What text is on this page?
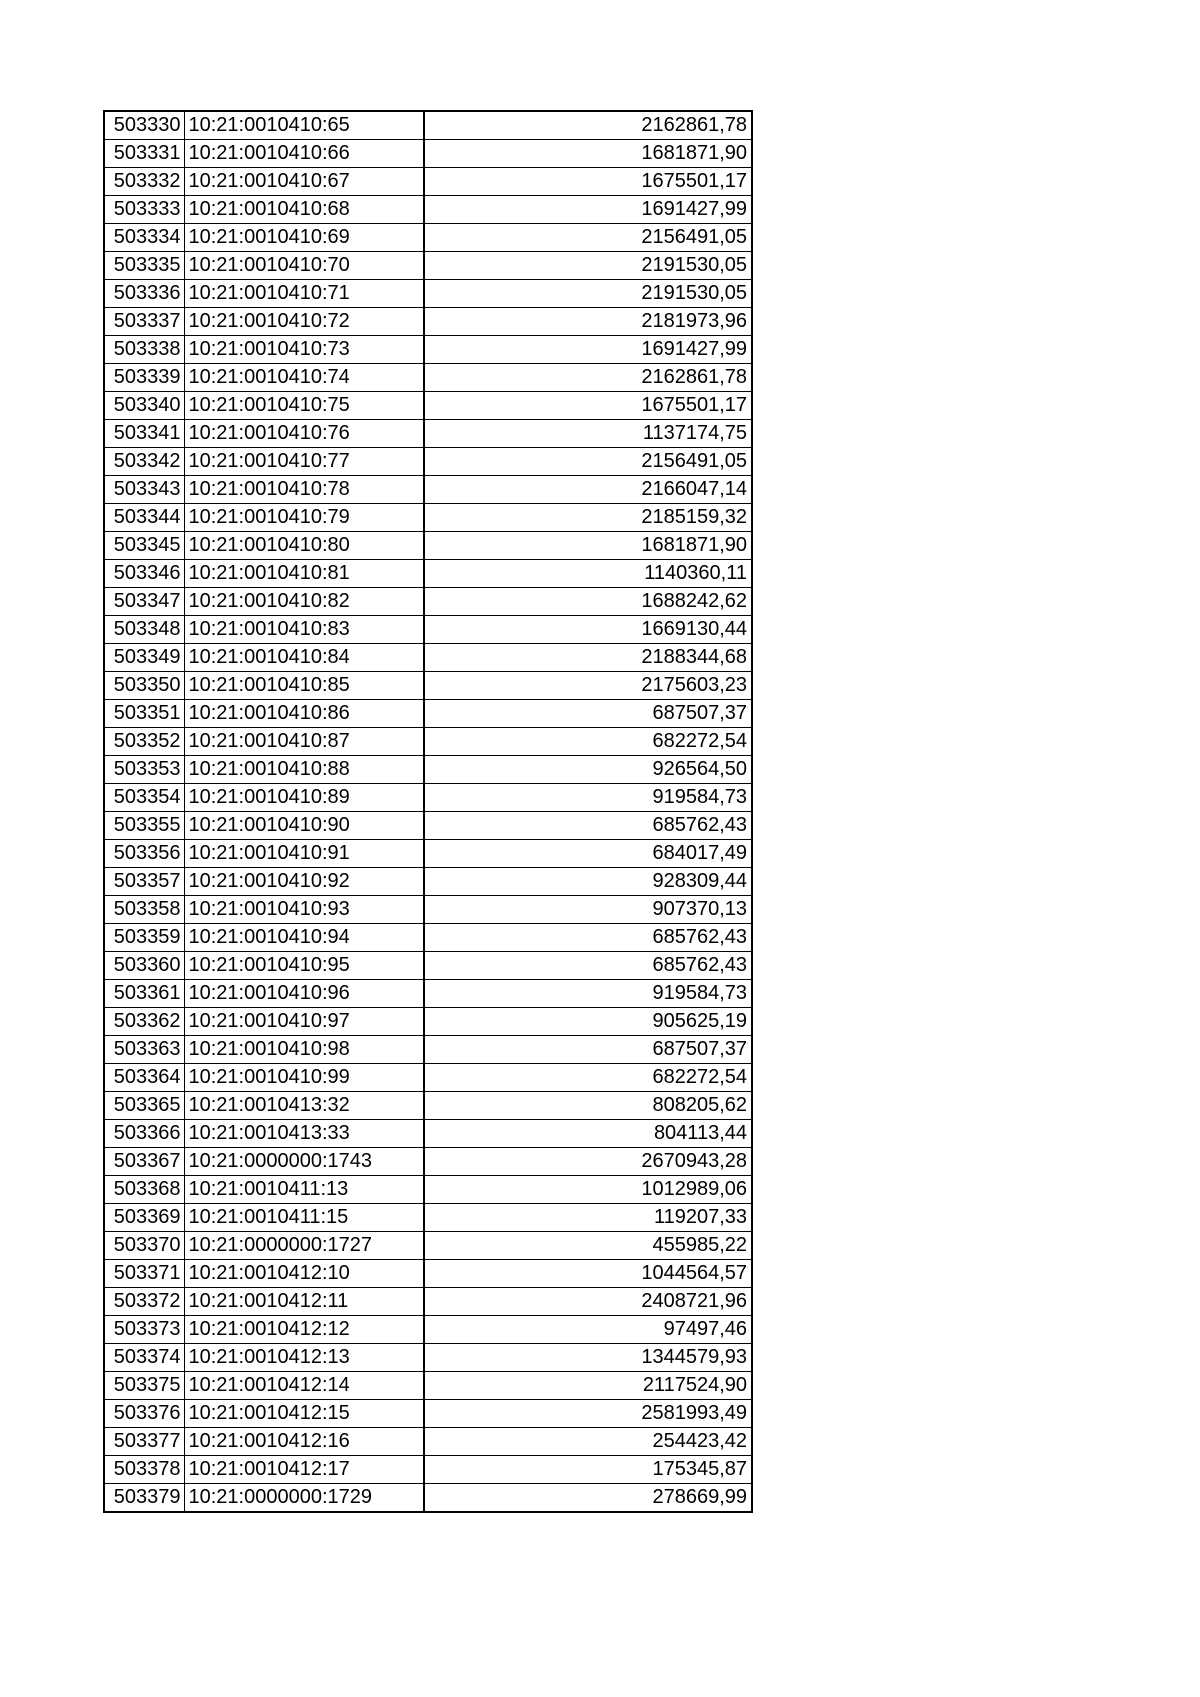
503330	10:21:0010410:65	2162861,78
503331	10:21:0010410:66	1681871,90
503332	10:21:0010410:67	1675501,17
503333	10:21:0010410:68	1691427,99
503334	10:21:0010410:69	2156491,05
503335	10:21:0010410:70	2191530,05
503336	10:21:0010410:71	2191530,05
503337	10:21:0010410:72	2181973,96
503338	10:21:0010410:73	1691427,99
503339	10:21:0010410:74	2162861,78
503340	10:21:0010410:75	1675501,17
503341	10:21:0010410:76	1137174,75
503342	10:21:0010410:77	2156491,05
503343	10:21:0010410:78	2166047,14
503344	10:21:0010410:79	2185159,32
503345	10:21:0010410:80	1681871,90
503346	10:21:0010410:81	1140360,11
503347	10:21:0010410:82	1688242,62
503348	10:21:0010410:83	1669130,44
503349	10:21:0010410:84	2188344,68
503350	10:21:0010410:85	2175603,23
503351	10:21:0010410:86	687507,37
503352	10:21:0010410:87	682272,54
503353	10:21:0010410:88	926564,50
503354	10:21:0010410:89	919584,73
503355	10:21:0010410:90	685762,43
503356	10:21:0010410:91	684017,49
503357	10:21:0010410:92	928309,44
503358	10:21:0010410:93	907370,13
503359	10:21:0010410:94	685762,43
503360	10:21:0010410:95	685762,43
503361	10:21:0010410:96	919584,73
503362	10:21:0010410:97	905625,19
503363	10:21:0010410:98	687507,37
503364	10:21:0010410:99	682272,54
503365	10:21:0010413:32	808205,62
503366	10:21:0010413:33	804113,44
503367	10:21:0000000:1743	2670943,28
503368	10:21:0010411:13	1012989,06
503369	10:21:0010411:15	119207,33
503370	10:21:0000000:1727	455985,22
503371	10:21:0010412:10	1044564,57
503372	10:21:0010412:11	2408721,96
503373	10:21:0010412:12	97497,46
503374	10:21:0010412:13	1344579,93
503375	10:21:0010412:14	2117524,90
503376	10:21:0010412:15	2581993,49
503377	10:21:0010412:16	254423,42
503378	10:21:0010412:17	175345,87
503379	10:21:0000000:1729	278669,99
